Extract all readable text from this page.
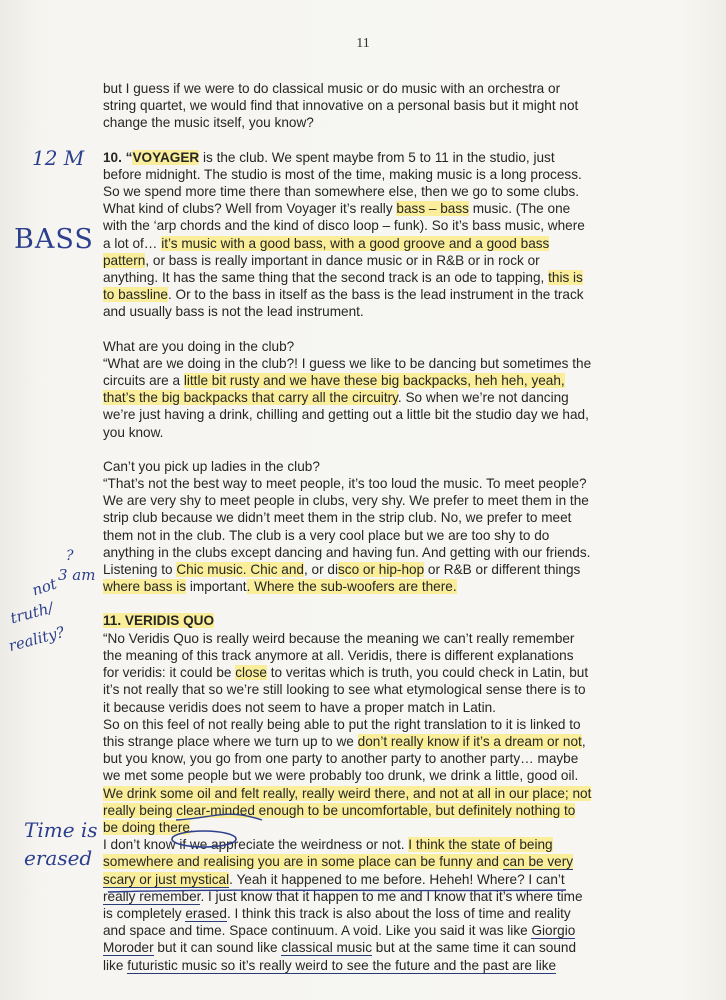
11

but I guess if we were to do classical music or do music with an orchestra or

string quartet, we would find that innovative on a personal basis but it might not

change the music itself, you know?

10. “VOYAGER is the club. We spent maybe from 5 to 11 in the studio, just

before midnight. The studio is most of the time, making music is a long process.

So we spend more time there than somewhere else, then we go to some clubs.

What kind of clubs? Well from Voyager it’s really bass – bass music. (The one

with the ‘arp chords and the kind of disco loop – funk). So it’s bass music, where

a lot of… it’s music with a good bass, with a good groove and a good bass

pattern, or bass is really important in dance music or in R&B or in rock or

anything. It has the same thing that the second track is an ode to tapping, this is

to bassline. Or to the bass in itself as the bass is the lead instrument in the track

and usually bass is not the lead instrument.

What are you doing in the club?

“What are we doing in the club?! I guess we like to be dancing but sometimes the

circuits are a little bit rusty and we have these big backpacks, heh heh, yeah,

that’s the big backpacks that carry all the circuitry. So when we’re not dancing

we’re just having a drink, chilling and getting out a little bit the studio day we had,

you know.

Can’t you pick up ladies in the club?

“That’s not the best way to meet people, it’s too loud the music. To meet people?

We are very shy to meet people in clubs, very shy. We prefer to meet them in the

strip club because we didn’t meet them in the strip club. No, we prefer to meet

them not in the club. The club is a very cool place but we are too shy to do

anything in the clubs except dancing and having fun. And getting with our friends.

Listening to Chic music. Chic and, or disco or hip-hop or R&B or different things

where bass is important. Where the sub-woofers are there.

11. VERIDIS QUO

“No Veridis Quo is really weird because the meaning we can’t really remember

the meaning of this track anymore at all. Veridis, there is different explanations

for veridis: it could be close to veritas which is truth, you could check in Latin, but

it’s not really that so we’re still looking to see what etymological sense there is to

it because veridis does not seem to have a proper match in Latin.

So on this feel of not really being able to put the right translation to it is linked to

this strange place where we turn up to we don’t really know if it’s a dream or not,

but you know, you go from one party to another party to another party… maybe

we met some people but we were probably too drunk, we drink a little, good oil.

We drink some oil and felt really, really weird there, and not at all in our place; not

really being clear-minded enough to be uncomfortable, but definitely nothing to

be doing there.

I don’t know if we appreciate the weirdness or not. I think the state of being

somewhere and realising you are in some place can be funny and can be very

scary or just mystical. Yeah it happened to me before. Heheh! Where? I can’t

really remember. I just know that it happen to me and I know that it’s where time

is completely erased. I think this track is also about the loss of time and reality

and space and time. Space continuum. A void. Like you said it was like Giorgio

Moroder but it can sound like classical music but at the same time it can sound

like futuristic music so it’s really weird to see the future and the past are like

12 M
BASS
?
3 am
not
truth/
reality?
Time is
erased
